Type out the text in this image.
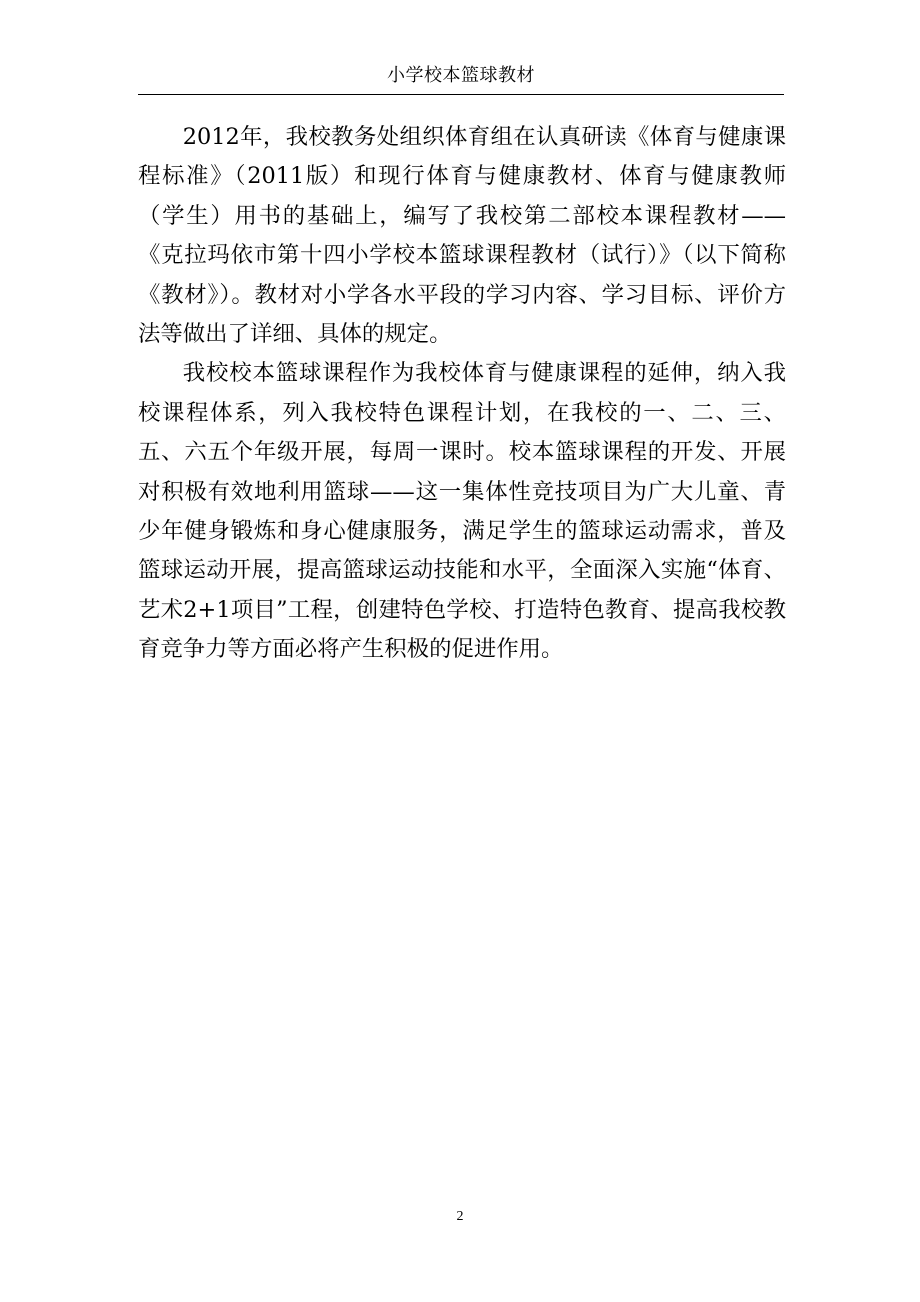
小学校本篮球教材

2012年，我校教务处组织体育组在认真研读《体育与健康课程标准》（2011版）和现行体育与健康教材、体育与健康教师（学生）用书的基础上，编写了我校第二部校本课程教材——《克拉玛依市第十四小学校本篮球课程教材（试行）》（以下简称《教材》）。教材对小学各水平段的学习内容、学习目标、评价方法等做出了详细、具体的规定。

我校校本篮球课程作为我校体育与健康课程的延伸，纳入我校课程体系，列入我校特色课程计划，在我校的一、二、三、五、六五个年级开展，每周一课时。校本篮球课程的开发、开展对积极有效地利用篮球——这一集体性竞技项目为广大儿童、青少年健身锻炼和身心健康服务，满足学生的篮球运动需求，普及篮球运动开展，提高篮球运动技能和水平，全面深入实施“体育、艺术2+1项目”工程，创建特色学校、打造特色教育、提高我校教育竞争力等方面必将产生积极的促进作用。

2
